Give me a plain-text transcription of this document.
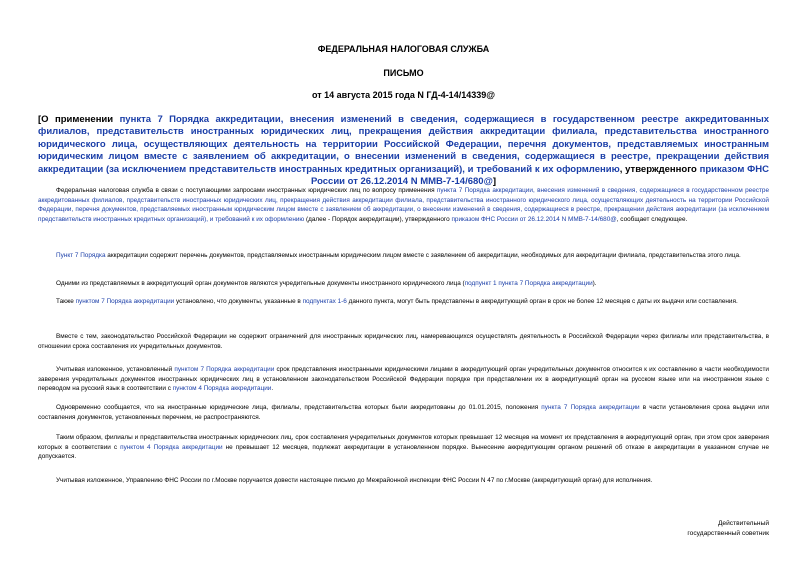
ФЕДЕРАЛЬНАЯ НАЛОГОВАЯ СЛУЖБА
ПИСЬМО
от 14 августа 2015 года N ГД-4-14/14339@
[О применении пункта 7 Порядка аккредитации, внесения изменений в сведения, содержащиеся в государственном реестре аккредитованных филиалов, представительств иностранных юридических лиц, прекращения действия аккредитации филиала, представительства иностранного юридического лица, осуществляющих деятельность на территории Российской Федерации, перечня документов, представляемых иностранным юридическим лицом вместе с заявлением об аккредитации, о внесении изменений в сведения, содержащиеся в реестре, прекращении действия аккредитации (за исключением представительств иностранных кредитных организаций), и требований к их оформлению, утвержденного приказом ФНС России от 26.12.2014 N ММВ-7-14/680@]
Федеральная налоговая служба в связи с поступающими запросами иностранных юридических лиц по вопросу применения пункта 7 Порядка аккредитации, внесения изменений в сведения, содержащиеся в государственном реестре аккредитованных филиалов, представительств иностранных юридических лиц, прекращения действия аккредитации филиала, представительства иностранного юридического лица, осуществляющих деятельность на территории Российской Федерации, перечня документов, представляемых иностранным юридическим лицом вместе с заявлением об аккредитации, о внесении изменений в сведения, содержащиеся в реестре, прекращении действия аккредитации (за исключением представительств иностранных кредитных организаций), и требований к их оформлению (далее - Порядок аккредитации), утвержденного приказом ФНС России от 26.12.2014 N ММВ-7-14/680@, сообщает следующее.
Пункт 7 Порядка аккредитации содержит перечень документов, представляемых иностранным юридическим лицом вместе с заявлением об аккредитации, необходимых для аккредитации филиала, представительства этого лица.
Одними из представляемых в аккредитующий орган документов являются учредительные документы иностранного юридического лица (подпункт 1 пункта 7 Порядка аккредитации).
Также пунктом 7 Порядка аккредитации установлено, что документы, указанные в подпунктах 1-6 данного пункта, могут быть представлены в аккредитующий орган в срок не более 12 месяцев с даты их выдачи или составления.
Вместе с тем, законодательство Российской Федерации не содержит ограничений для иностранных юридических лиц, намеревающихся осуществлять деятельность в Российской Федерации через филиалы или представительства, в отношении срока составления их учредительных документов.
Учитывая изложенное, установленный пунктом 7 Порядка аккредитации срок представления иностранными юридическими лицами в аккредитующий орган учредительных документов относится к их составлению в части необходимости заверения учредительных документов иностранных юридических лиц в установленном законодательством Российской Федерации порядке при представлении их в аккредитующий орган на русском языке или на иностранном языке с переводом на русский язык в соответствии с пунктом 4 Порядка аккредитации.
Одновременно сообщается, что на иностранные юридические лица, филиалы, представительства которых были аккредитованы до 01.01.2015, положения пункта 7 Порядка аккредитации в части установления срока выдачи или составления документов, установленных перечнем, не распространяются.
Таким образом, филиалы и представительства иностранных юридических лиц, срок составления учредительных документов которых превышает 12 месяцев на момент их представления в аккредитующий орган, при этом срок заверения которых в соответствии с пунктом 4 Порядка аккредитации не превышает 12 месяцев, подлежат аккредитации в установленном порядке. Вынесение аккредитующим органом решений об отказе в аккредитации в указанном случае не допускается.
Учитывая изложенное, Управлению ФНС России по г.Москве поручается довести настоящее письмо до Межрайонной инспекции ФНС России N 47 по г.Москве (аккредитующий орган) для исполнения.
Действительный
государственный советник
